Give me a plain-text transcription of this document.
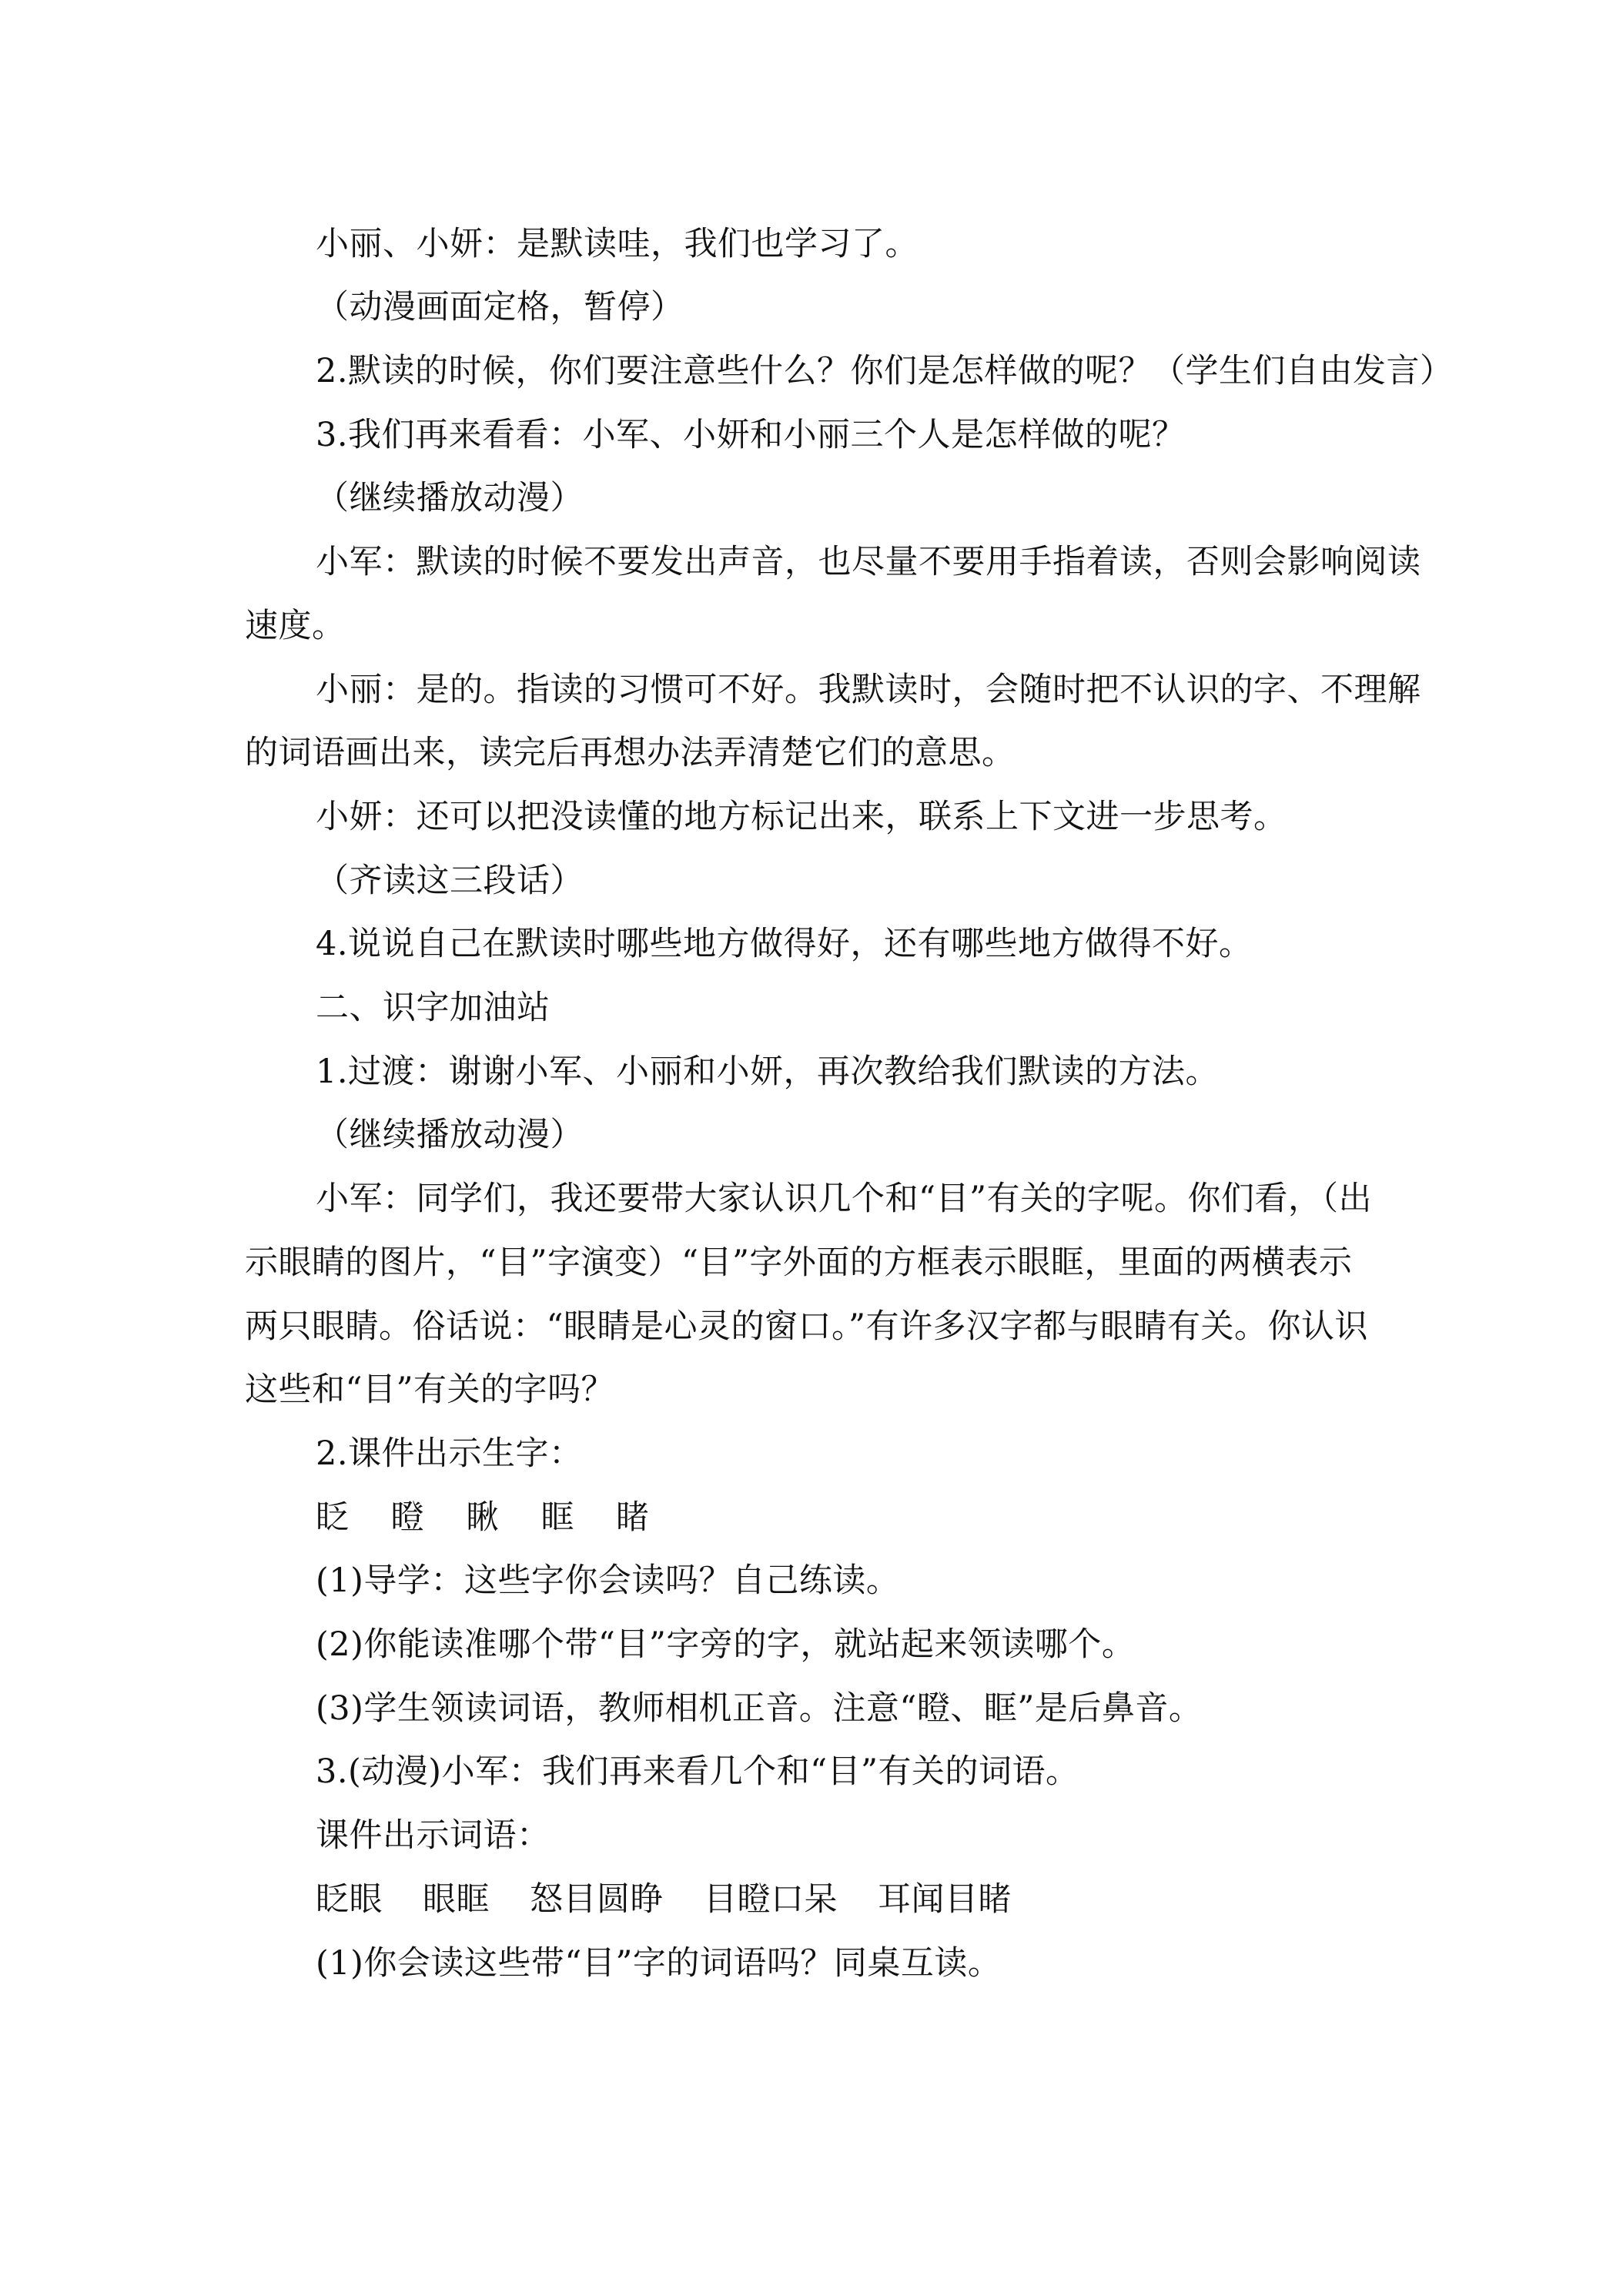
小丽、小妍：是默读哇，我们也学习了。
（动漫画面定格，暂停）
2.默读的时候，你们要注意些什么？你们是怎样做的呢？（学生们自由发言）
3.我们再来看看：小军、小妍和小丽三个人是怎样做的呢？
（继续播放动漫）
小军：默读的时候不要发出声音，也尽量不要用手指着读，否则会影响阅读
速度。
小丽：是的。指读的习惯可不好。我默读时，会随时把不认识的字、不理解
的词语画出来，读完后再想办法弄清楚它们的意思。
小妍：还可以把没读懂的地方标记出来，联系上下文进一步思考。
（齐读这三段话）
4.说说自己在默读时哪些地方做得好，还有哪些地方做得不好。
二、识字加油站
1.过渡：谢谢小军、小丽和小妍，再次教给我们默读的方法。
（继续播放动漫）
小军：同学们，我还要带大家认识几个和“目”有关的字呢。你们看，（出
示眼睛的图片，“目”字演变）“目”字外面的方框表示眼眶，里面的两横表示
两只眼睛。俗话说：“眼睛是心灵的窗口。”有许多汉字都与眼睛有关。你认识
这些和“目”有关的字吗？
2.课件出示生字：
眨 瞪 瞅 眶 睹
(1)导学：这些字你会读吗？自己练读。
(2)你能读准哪个带“目”字旁的字，就站起来领读哪个。
(3)学生领读词语，教师相机正音。注意“瞪、眶”是后鼻音。
3.(动漫)小军：我们再来看几个和“目”有关的词语。
课件出示词语：
眨眼 眼眶 怒目圆睁 目瞪口呆 耳闻目睹
(1)你会读这些带“目”字的词语吗？同桌互读。
